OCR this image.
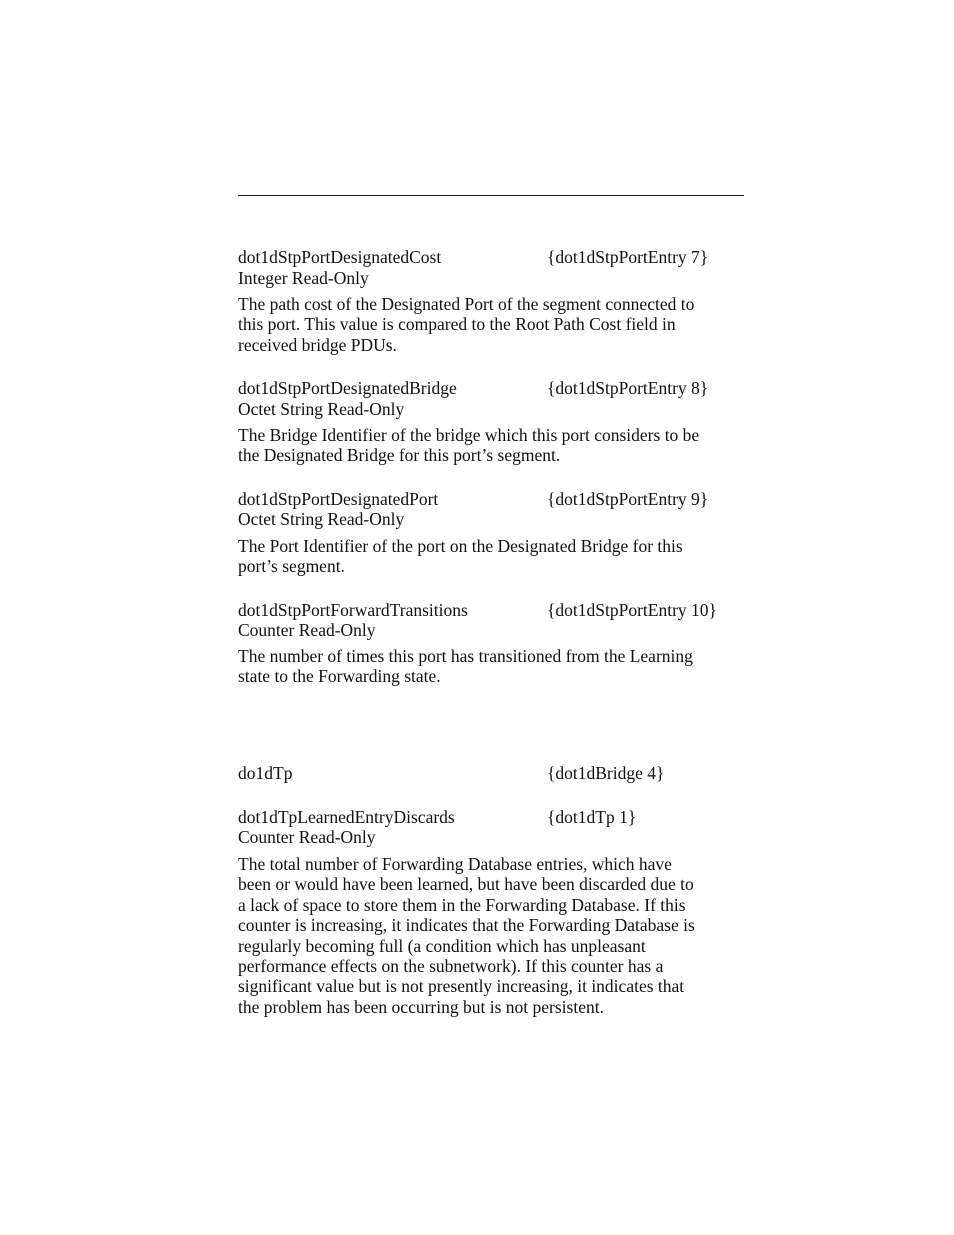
dot1dStpPortDesignatedCost	{dot1dStpPortEntry 7}
Integer Read-Only
The path cost of the Designated Port of the segment connected to
this port. This value is compared to the Root Path Cost field in
received bridge PDUs.
dot1dStpPortDesignatedBridge	{dot1dStpPortEntry 8}
Octet String Read-Only
The Bridge Identifier of the bridge which this port considers to be
the Designated Bridge for this port’s segment.
dot1dStpPortDesignatedPort	{dot1dStpPortEntry 9}
Octet String Read-Only
The Port Identifier of the port on the Designated Bridge for this
port’s segment.
dot1dStpPortForwardTransitions	{dot1dStpPortEntry 10}
Counter Read-Only
The number of times this port has transitioned from the Learning
state to the Forwarding state.
do1dTp	{dot1dBridge 4}
dot1dTpLearnedEntryDiscards	{dot1dTp 1}
Counter Read-Only
The total number of Forwarding Database entries, which have
been or would have been learned, but have been discarded due to
a lack of space to store them in the Forwarding Database. If this
counter is increasing, it indicates that the Forwarding Database is
regularly becoming full (a condition which has unpleasant
performance effects on the subnetwork). If this counter has a
significant value but is not presently increasing, it indicates that
the problem has been occurring but is not persistent.
